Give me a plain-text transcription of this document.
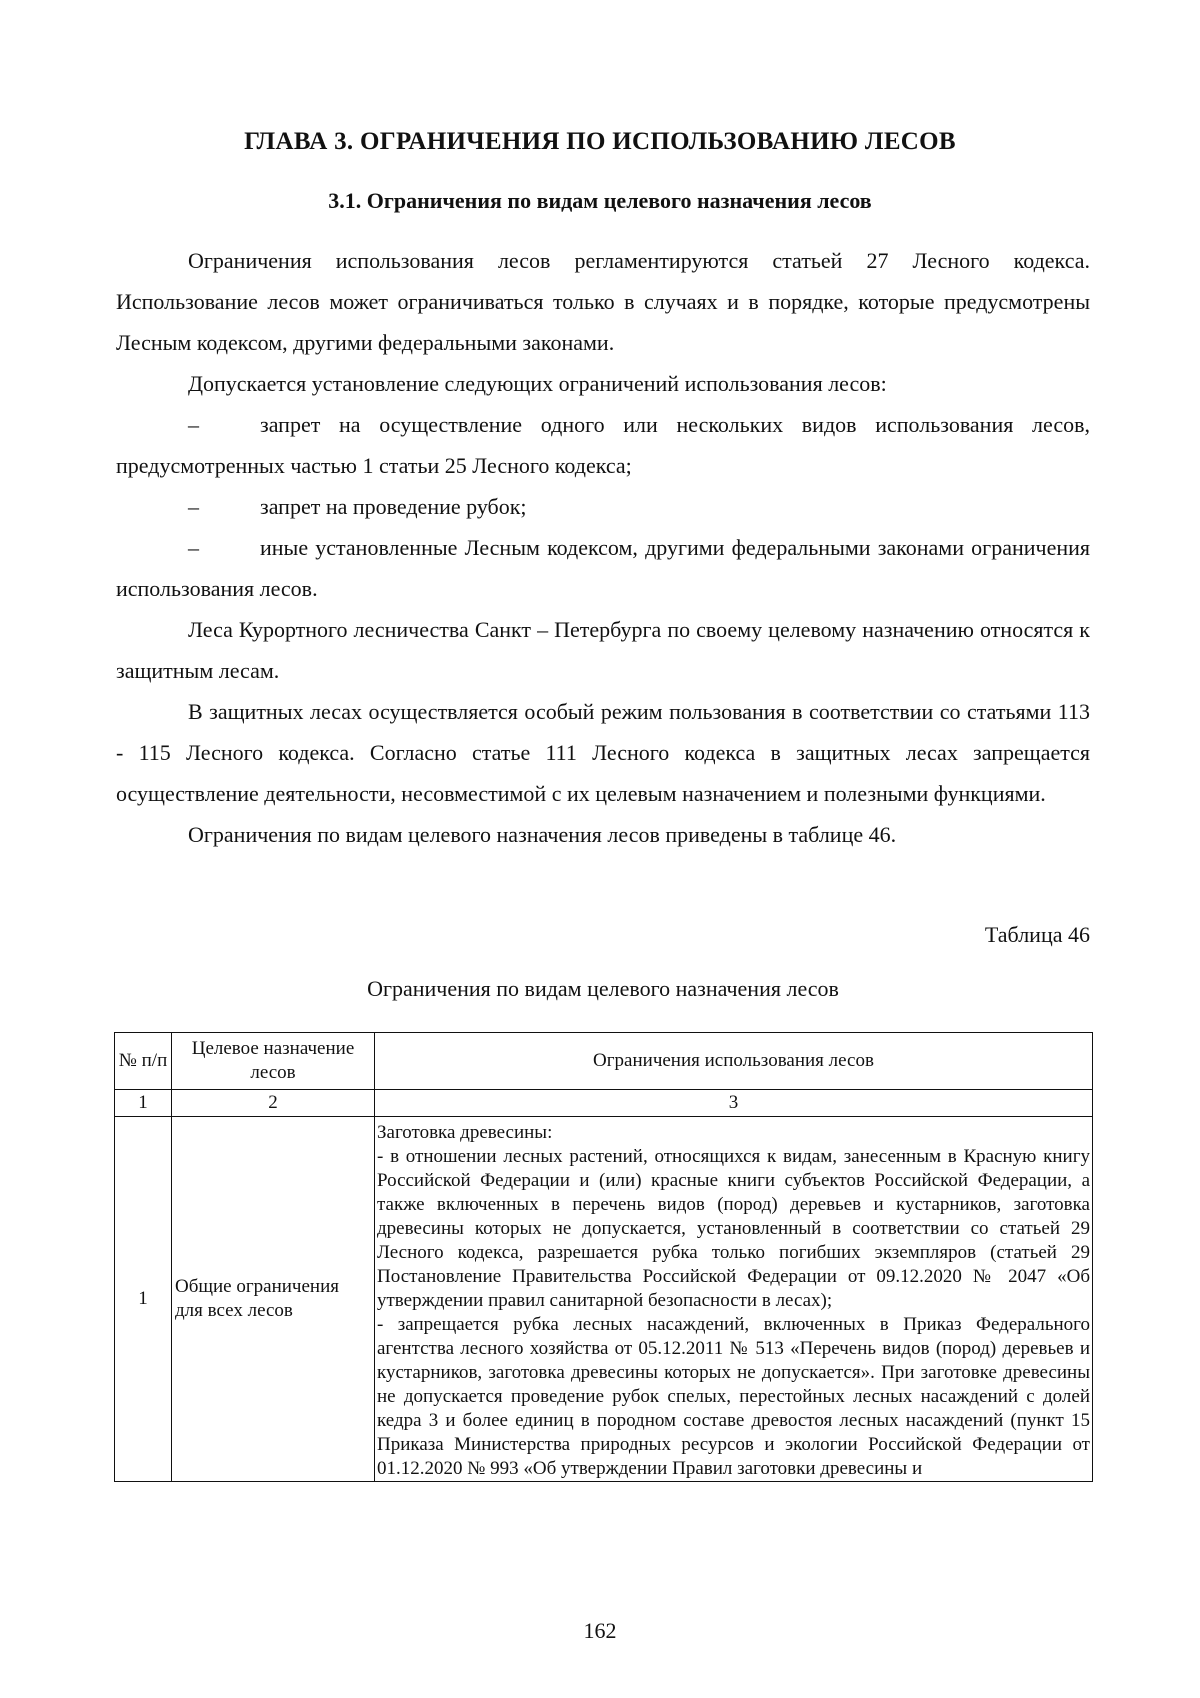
ГЛАВА 3. ОГРАНИЧЕНИЯ ПО ИСПОЛЬЗОВАНИЮ ЛЕСОВ
3.1. Ограничения по видам целевого назначения лесов

Ограничения использования лесов регламентируются статьей 27 Лесного кодекса. Использование лесов может ограничиваться только в случаях и в порядке, которые предусмотрены Лесным кодексом, другими федеральными законами.

Допускается установление следующих ограничений использования лесов:

–	запрет на осуществление одного или нескольких видов использования лесов, предусмотренных частью 1 статьи 25 Лесного кодекса;

–	запрет на проведение рубок;

–	иные установленные Лесным кодексом, другими федеральными законами ограничения использования лесов.

Леса Курортного лесничества Санкт – Петербурга по своему целевому назначению относятся к защитным лесам.

В защитных лесах осуществляется особый режим пользования в соответствии со статьями 113 - 115 Лесного кодекса. Согласно статье 111 Лесного кодекса в защитных лесах запрещается осуществление деятельности, несовместимой с их целевым назначением и полезными функциями.

Ограничения по видам целевого назначения лесов приведены в таблице 46.

Таблица 46
Ограничения по видам целевого назначения лесов
№ п/п	Целевое назначение лесов	Ограничения использования лесов
1	2	3
1	Общие ограничения для всех лесов	Заготовка древесины:
- в отношении лесных растений, относящихся к видам, занесенным в Красную книгу Российской Федерации и (или) красные книги субъектов Российской Федерации, а также включенных в перечень видов (пород) деревьев и кустарников, заготовка древесины которых не допускается, установленный в соответствии со статьей 29 Лесного кодекса, разрешается рубка только погибших экземпляров (статьей 29 Постановление Правительства Российской Федерации от 09.12.2020 № 2047 «Об утверждении правил санитарной безопасности в лесах);
- запрещается рубка лесных насаждений, включенных в Приказ Федерального агентства лесного хозяйства от 05.12.2011 № 513 «Перечень видов (пород) деревьев и кустарников, заготовка древесины которых не допускается». При заготовке древесины не допускается проведение рубок спелых, перестойных лесных насаждений с долей кедра 3 и более единиц в породном составе древостоя лесных насаждений (пункт 15 Приказа Министерства природных ресурсов и экологии Российской Федерации от 01.12.2020 № 993 «Об утверждении Правил заготовки древесины и
162
